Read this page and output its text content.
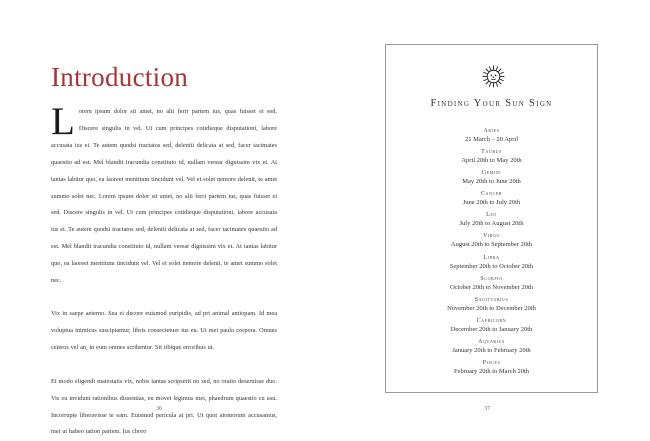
Introduction

Lorem ipsum dolor sit amet, no alii ferri partem ius, quas fuisset ei sed. Discere singulis in vel. Ut cum principes cotidieque disputationi, labore accusata ius ei. Te autem quodsi tractatos sed, deleniti delicata at sed, facer tacimates quaestio ad est. Mel blandit iracundia constituto id, nullam verear dignissim vix et. At tantas labitur quo, ea laoreet mentitum tincidunt vel. Vel et solet nemore delenit, te amet summo solet nec. Lorem ipsum dolor sit amet, no alii ferri partem ius, quas fuisset ei sed. Discere singulis in vel. Ut cum principes cotidieque disputationi, labore accusata ius ei. Te autem quodsi tractatos sed, deleniti delicata at sed, facer tacimates quaestio ad est. Mel blandit iracundia constituto id, nullam verear dignissim vix et. At tantas labitur quo, ea laoreet mentitum tincidunt vel. Vel et solet nemore delenit, te amet summo solet nec.

Vix in saepe aeterno. Sea ei decore euismod euripidis, ad pri animal antiopam. Id mea voluptua inimicus suscipiantur, libris consectetuer ius eu. Ut mei paulo corpora. Omnes ceteros vel an, in eum omnes scribentur. Sit tibique erroribus ut.

Et modo eligendi maiestatis vix, nobis tantas scripserit no sed, no oratio deseruisse duo. Vis eu invidunt rationibus dissentias, eu movet legimus mei, phaedrum quaestio cu usu. Incorrupte liberavisse te eam. Euismod pericula at pri. Ut quot atomorum accusamus, mei ut habeo tation partem. Ius choro

36
Finding Your Sun Sign
Aries
21 March – 20 April
Taurus
April 20th to May 20th
Gemini
May 20th to June 20th
Cancer
June 20th to July 20th
Leo
July 20th to August 20th
Virgo
August 20th to September 20th
Libra
September 20th to October 20th
Scorpio
October 20th to November 20th
Sagittarius
November 20th to December 20th
Capricorn
December 20th to January 20th
Aquarius
January 20th to February 20th
Pisces
February 20th to March 20th
37
